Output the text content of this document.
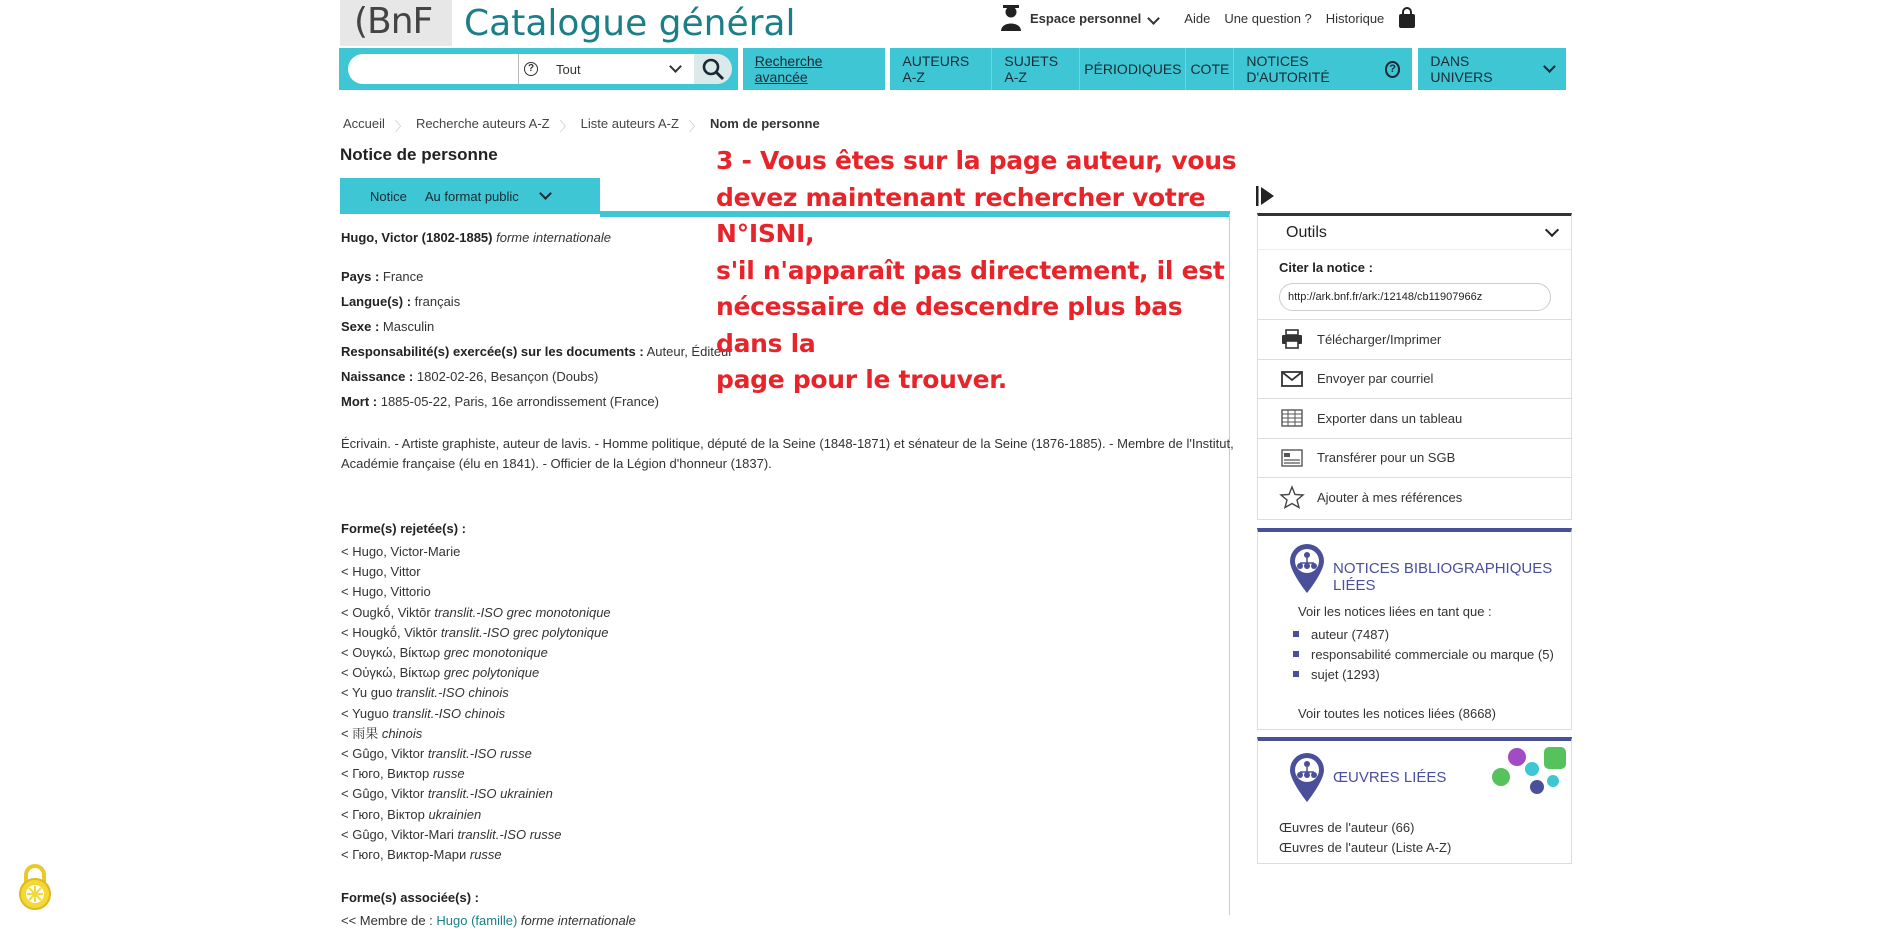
(BnF Catalogue général	Espace personnel	Aide Une question ? Historique
?	Tout	Recherche avancée
AUTEURS A-Z
SUJETS A-Z	PÉRIODIQUES COTE	NOTICES D'AUTORITÉ
?	DANS UNIVERS
Accueil 〉 Recherche auteurs A-Z 〉 Liste auteurs A-Z 〉 Nom de personne
Notice de personne
Notice Au format public
Hugo, Victor (1802-1885) forme internationale
Pays : France
Langue(s) : français
Sexe : Masculin
Responsabilité(s) exercée(s) sur les documents : Auteur, Éditeur
Naissance : 1802-02-26, Besançon (Doubs)
Mort : 1885-05-22, Paris, 16e arrondissement (France)
Écrivain. - Artiste graphiste, auteur de lavis. - Homme politique, député de la Seine (1848-1871) et sénateur de la Seine (1876-1885). - Membre de l'Institut,
Académie française (élu en 1841). - Officier de la Légion d'honneur (1837).
Forme(s) rejetée(s) :
< Hugo, Victor-Marie
< Hugo, Vittor
< Hugo, Vittorio
< Ougkṓ, Viktōr translit.-ISO grec monotonique
< Hougkṓ, Viktōr translit.-ISO grec polytonique
< Ουγκώ, Βίκτωρ grec monotonique
< Οὐγκώ, Βίκτωρ grec polytonique
< Yu guo translit.-ISO chinois
< Yuguo translit.-ISO chinois
< 雨果 chinois
< Gûgo, Viktor translit.-ISO russe
< Гюго, Виктор russe
< Gûgo, Viktor translit.-ISO ukrainien
< Гюго, Віктор ukrainien
< Gûgo, Viktor-Mari translit.-ISO russe
< Гюго, Виктор-Мари russe
Forme(s) associée(s) :
<< Membre de : Hugo (famille) forme internationale
3 - Vous êtes sur la page auteur, vous
devez maintenant rechercher votre N°ISNI,
s'il n'apparaît pas directement, il est
nécessaire de descendre plus bas dans la
page pour le trouver.
Outils
Citer la notice :
http://ark.bnf.fr/ark:/12148/cb11907966z
Télécharger/Imprimer
Envoyer par courriel
Exporter dans un tableau
Transférer pour un SGB
Ajouter à mes références
NOTICES BIBLIOGRAPHIQUES LIÉES
Voir les notices liées en tant que :
auteur (7487)
responsabilité commerciale ou marque (5)
sujet (1293)
Voir toutes les notices liées (8668)
ŒUVRES LIÉES
Œuvres de l'auteur (66)
Œuvres de l'auteur (Liste A-Z)
